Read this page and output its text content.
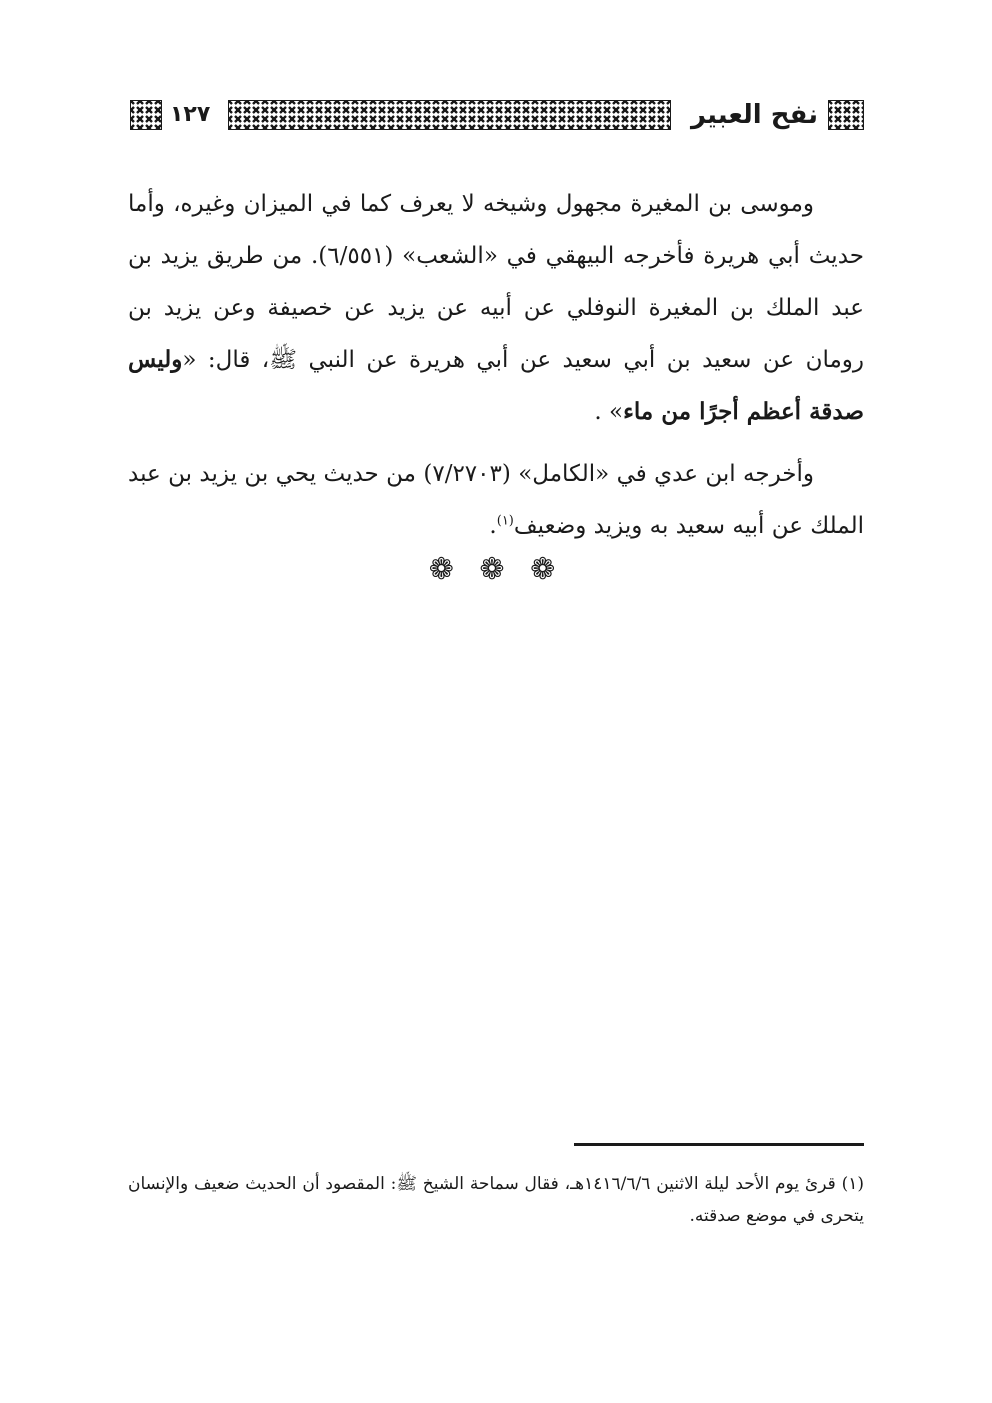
نفح العبير
١٢٧

وموسى بن المغيرة مجهول وشيخه لا يعرف كما في الميزان وغيره، وأما حديث أبي هريرة فأخرجه البيهقي في «الشعب» (٦/٥٥١). من طريق يزيد بن عبد الملك بن المغيرة النوفلي عن أبيه عن يزيد عن خصيفة وعن يزيد بن رومان عن سعيد بن أبي سعيد عن أبي هريرة عن النبي ﷺ، قال: «وليس صدقة أعظم أجرًا من ماء» .

وأخرجه ابن عدي في «الكامل» (٧/٢٧٠٣) من حديث يحي بن يزيد بن عبد الملك عن أبيه سعيد به ويزيد وضعيف$^{(١)}$.

❁ ❁ ❁
(١) قرئ يوم الأحد ليلة الاثنين ١٤١٦/٦/٦هـ، فقال سماحة الشيخ ﷺ: المقصود أن الحديث ضعيف والإنسان يتحرى في موضع صدقته.
